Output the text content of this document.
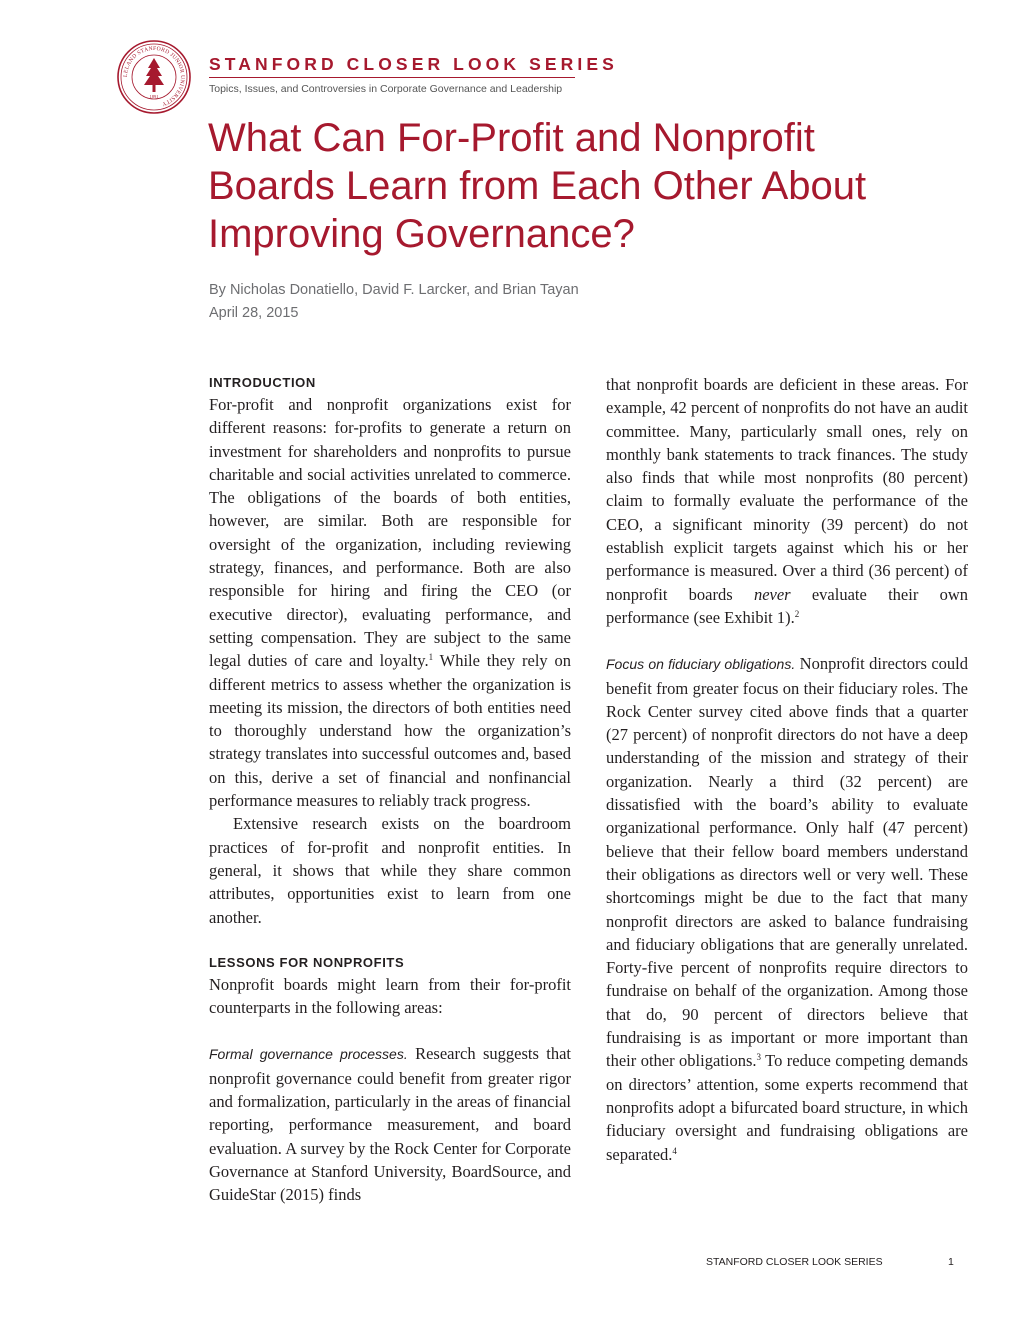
LELAND STANFORD JUNIOR UNIVERSITY
1891
STANFORD CLOSER LOOK SERIES

Topics, Issues, and Controversies in Corporate Governance and Leadership

What Can For-Profit and Nonprofit
Boards Learn from Each Other About
Improving Governance?

By Nicholas Donatiello, David F. Larcker, and Brian Tayan

April 28, 2015

INTRODUCTION

For-profit and nonprofit organizations exist for different reasons: for-profits to generate a return on investment for shareholders and nonprofits to pursue charitable and social activities unrelated to commerce. The obligations of the boards of both entities, however, are similar. Both are responsible for oversight of the organization, including reviewing strategy, finances, and performance. Both are also responsible for hiring and firing the CEO (or executive director), evaluating performance, and setting compensation. They are subject to the same legal duties of care and loyalty.$^1$ While they rely on different metrics to assess whether the organization is meeting its mission, the directors of both entities need to thoroughly understand how the organization’s strategy translates into successful outcomes and, based on this, derive a set of financial and nonfinancial performance measures to reliably track progress.

Extensive research exists on the boardroom practices of for-profit and nonprofit entities. In general, it shows that while they share common attributes, opportunities exist to learn from one another.

LESSONS FOR NONPROFITS

Nonprofit boards might learn from their for-profit counterparts in the following areas:

Formal governance processes. Research suggests that nonprofit governance could benefit from greater rigor and formalization, particularly in the areas of financial reporting, performance measurement, and board evaluation. A survey by the Rock Center for Corporate Governance at Stanford University, BoardSource, and GuideStar (2015) finds

that nonprofit boards are deficient in these areas. For example, 42 percent of nonprofits do not have an audit committee. Many, particularly small ones, rely on monthly bank statements to track finances. The study also finds that while most nonprofits (80 percent) claim to formally evaluate the performance of the CEO, a significant minority (39 percent) do not establish explicit targets against which his or her performance is measured. Over a third (36 percent) of nonprofit boards never evaluate their own performance (see Exhibit 1).$^2$

Focus on fiduciary obligations. Nonprofit directors could benefit from greater focus on their fiduciary roles. The Rock Center survey cited above finds that a quarter (27 percent) of nonprofit directors do not have a deep understanding of the mission and strategy of their organization. Nearly a third (32 percent) are dissatisfied with the board’s ability to evaluate organizational performance. Only half (47 percent) believe that their fellow board members understand their obligations as directors well or very well. These shortcomings might be due to the fact that many nonprofit directors are asked to balance fundraising and fiduciary obligations that are generally unrelated. Forty-five percent of nonprofits require directors to fundraise on behalf of the organization. Among those that do, 90 percent of directors believe that fundraising is as important or more important than their other obligations.$^3$ To reduce competing demands on directors’ attention, some experts recommend that nonprofits adopt a bifurcated board structure, in which fiduciary oversight and fundraising obligations are separated.$^4$

STANFORD CLOSER LOOK SERIES	1
